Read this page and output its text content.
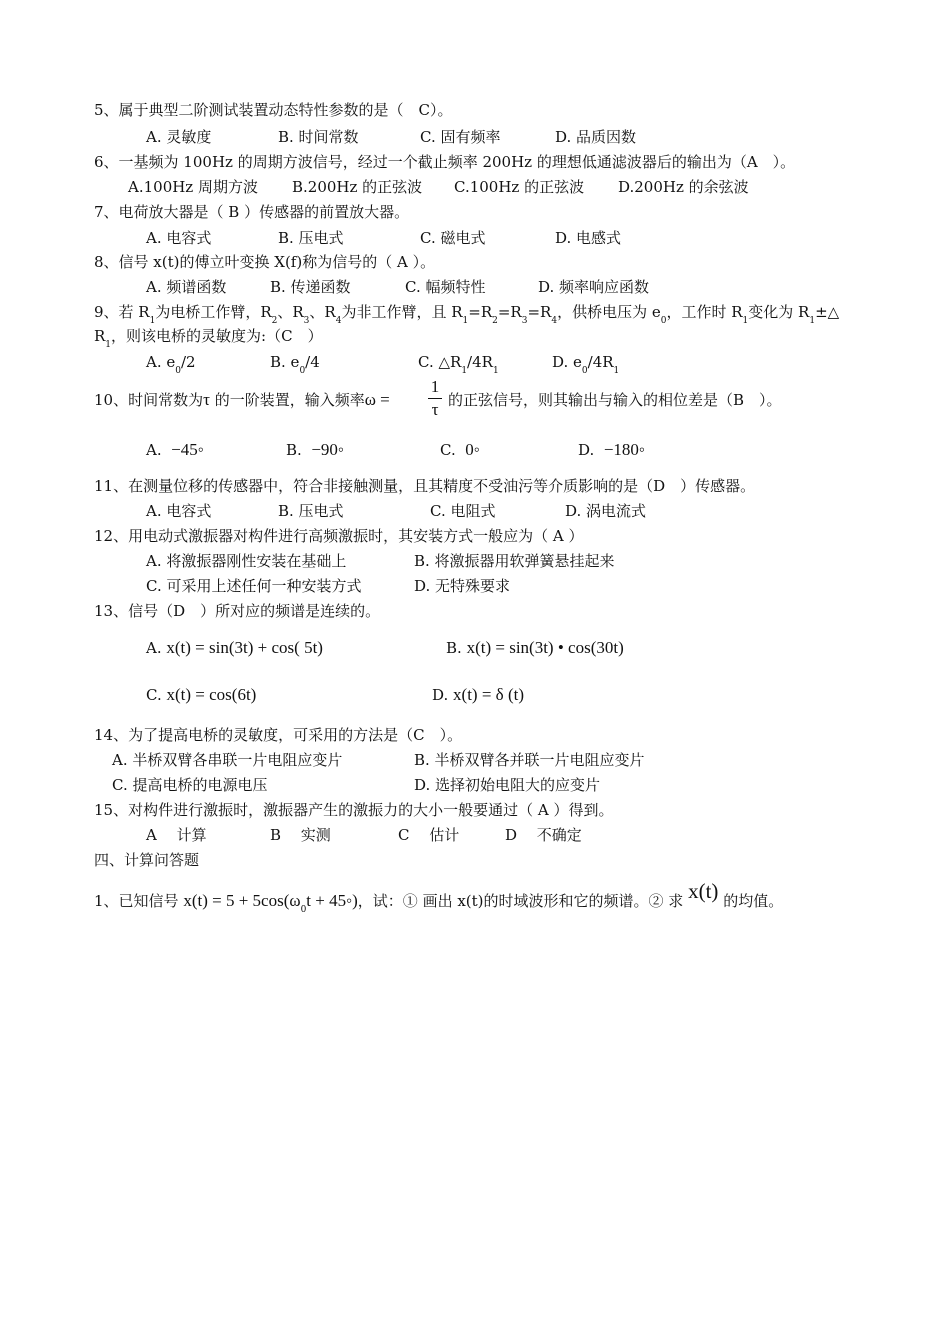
5、属于典型二阶测试装置动态特性参数的是（　C）。
A. 灵敏度	B. 时间常数	C. 固有频率	D. 品质因数
6、一基频为 100Hz 的周期方波信号，经过一个截止频率 200Hz 的理想低通滤波器后的输出为（A　）。
A.100Hz 周期方波 B.200Hz 的正弦波 C.100Hz 的正弦波 D.200Hz 的余弦波
7、电荷放大器是（ B ）传感器的前置放大器。
A. 电容式	B. 压电式	C. 磁电式	D. 电感式
8、信号 x(t)的傅立叶变换 X(f)称为信号的（ A ）。
A. 频谱函数	B. 传递函数	C. 幅频特性	D. 频率响应函数
9、若 $R_1$为电桥工作臂，$R_2$、$R_3$、$R_4$为非工作臂，且 $R_1=R_2=R_3=R_4$，供桥电压为 $e_0$，工作时 $R_1$变化为 $R_1\pm\triangle$
$R_1$，则该电桥的灵敏度为:（C　）
A. $e_0/2$	B. $e_0/4$	C. $\triangle R_1/4R_1$	D. $e_0/4R_1$
10、时间常数为τ 的一阶装置，输入频率ω =
1
τ 的正弦信号，则其输出与输入的相位差是（B　）。
A. −45◦	B. −90◦	C. 0◦	D. −180◦
11、在测量位移的传感器中，符合非接触测量，且其精度不受油污等介质影响的是（D　）传感器。
A. 电容式	B. 压电式	C. 电阻式	D. 涡电流式
12、用电动式激振器对构件进行高频激振时，其安装方式一般应为（ A ）
A. 将激振器刚性安装在基础上	B. 将激振器用软弹簧悬挂起来
C. 可采用上述任何一种安装方式	D. 无特殊要求
13、信号（D　）所对应的频谱是连续的。
A. x(t) = sin(3t) + cos( 5t)	B. x(t) = sin(3t) • cos(30t)
C. x(t) = cos(6t)	D. x(t) = δ (t)
14、为了提高电桥的灵敏度，可采用的方法是（C　）。
A. 半桥双臂各串联一片电阻应变片	B. 半桥双臂各并联一片电阻应变片
C. 提高电桥的电源电压	D. 选择初始电阻大的应变片
15、对构件进行激振时，激振器产生的激振力的大小一般要通过（ A ）得到。
A　 计算	B　 实测	C　 估计	D　 不确定
四、计算问答题
1、已知信号 $x(t) = 5 + 5\cos(\omega_0t$ + 45◦)，试：① 画出 x(t)的时域波形和它的频谱。② 求 x(t) 的均值。
